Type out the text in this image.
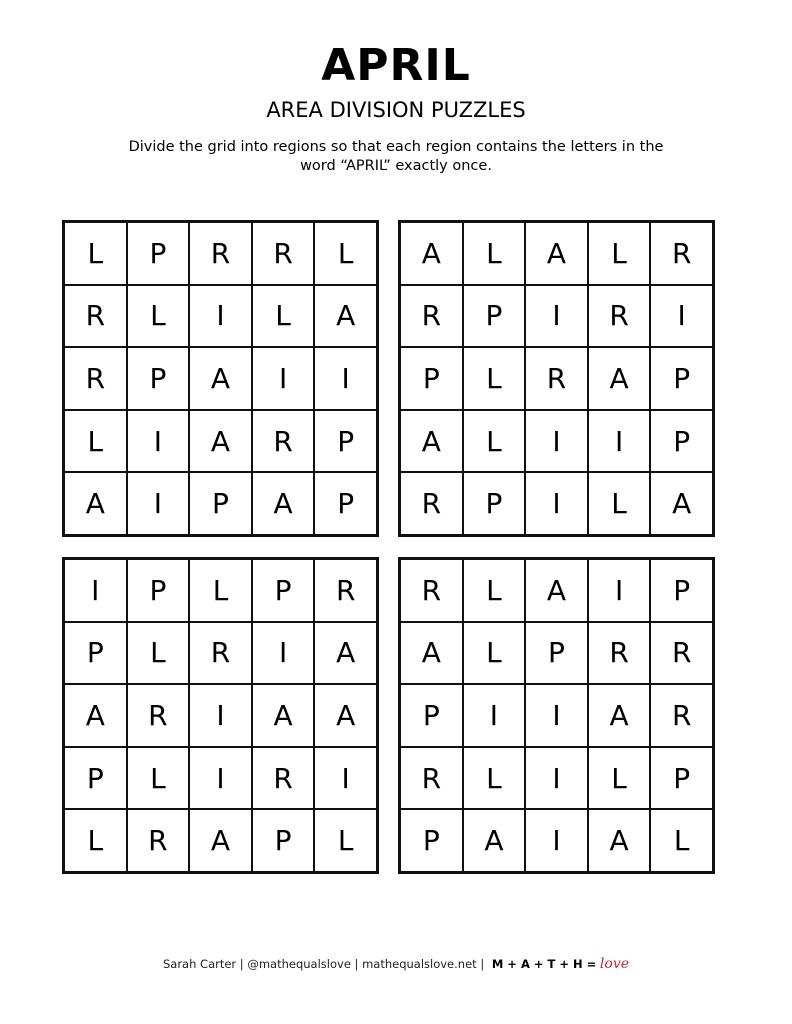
APRIL
AREA DIVISION PUZZLES
Divide the grid into regions so that each region contains the letters in the word “APRIL” exactly once.
L	P	R	R	L
R	L	I	L	A
R	P	A	I	I
L	I	A	R	P
A	I	P	A	P
A	L	A	L	R
R	P	I	R	I
P	L	R	A	P
A	L	I	I	P
R	P	I	L	A
I	P	L	P	R
P	L	R	I	A
A	R	I	A	A
P	L	I	R	I
L	R	A	P	L
R	L	A	I	P
A	L	P	R	R
P	I	I	A	R
R	L	I	L	P
P	A	I	A	L
Sarah Carter | @mathequalslove | mathequalslove.net | M + A + T + H = love
